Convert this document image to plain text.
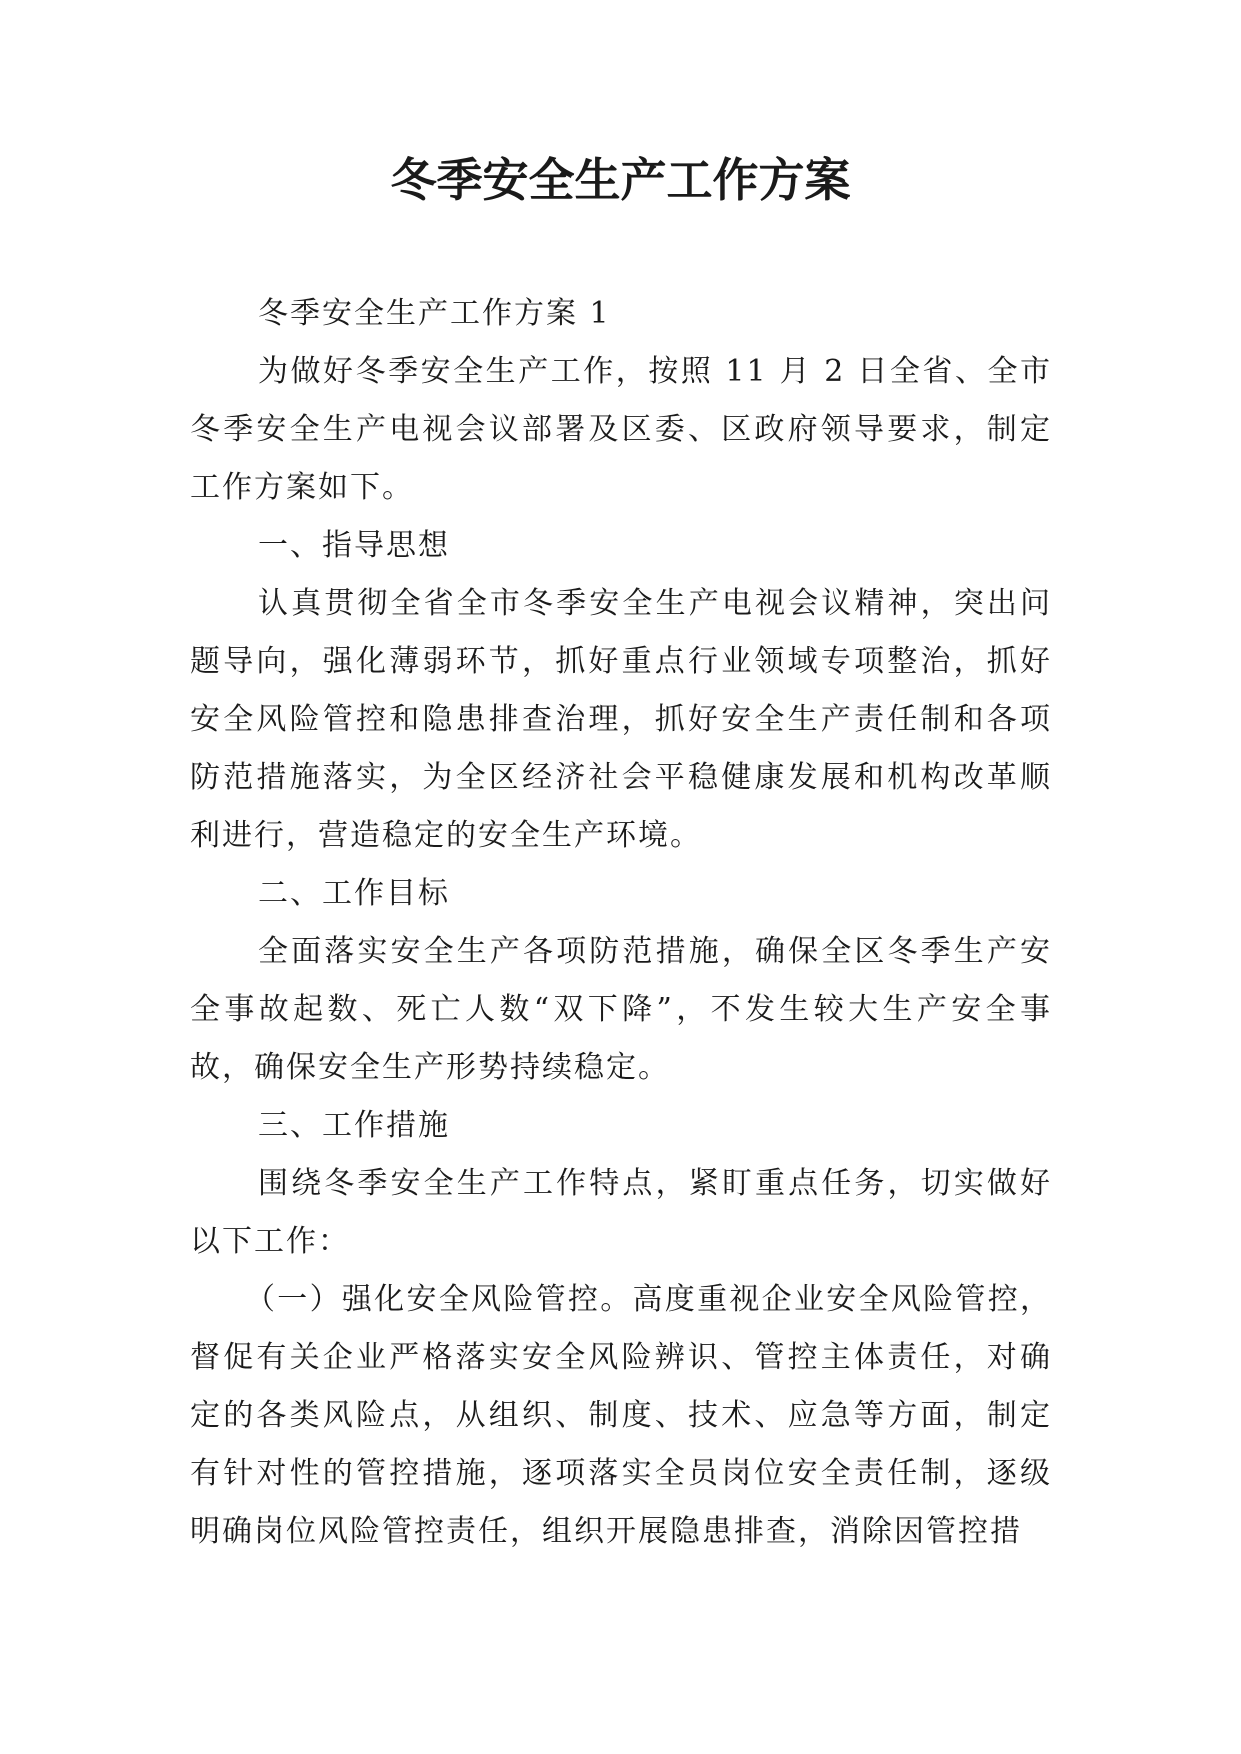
冬季安全生产工作方案

冬季安全生产工作方案 1

为做好冬季安全生产工作，按照 11 月 2 日全省、全市冬季安全生产电视会议部署及区委、区政府领导要求，制定工作方案如下。

一、指导思想

认真贯彻全省全市冬季安全生产电视会议精神，突出问题导向，强化薄弱环节，抓好重点行业领域专项整治，抓好安全风险管控和隐患排查治理，抓好安全生产责任制和各项防范措施落实，为全区经济社会平稳健康发展和机构改革顺利进行，营造稳定的安全生产环境。

二、工作目标

全面落实安全生产各项防范措施，确保全区冬季生产安全事故起数、死亡人数“双下降”，不发生较大生产安全事故，确保安全生产形势持续稳定。

三、工作措施

围绕冬季安全生产工作特点，紧盯重点任务，切实做好以下工作：

（一）强化安全风险管控。高度重视企业安全风险管控，督促有关企业严格落实安全风险辨识、管控主体责任，对确定的各类风险点，从组织、制度、技术、应急等方面，制定有针对性的管控措施，逐项落实全员岗位安全责任制，逐级明确岗位风险管控责任，组织开展隐患排查，消除因管控措
